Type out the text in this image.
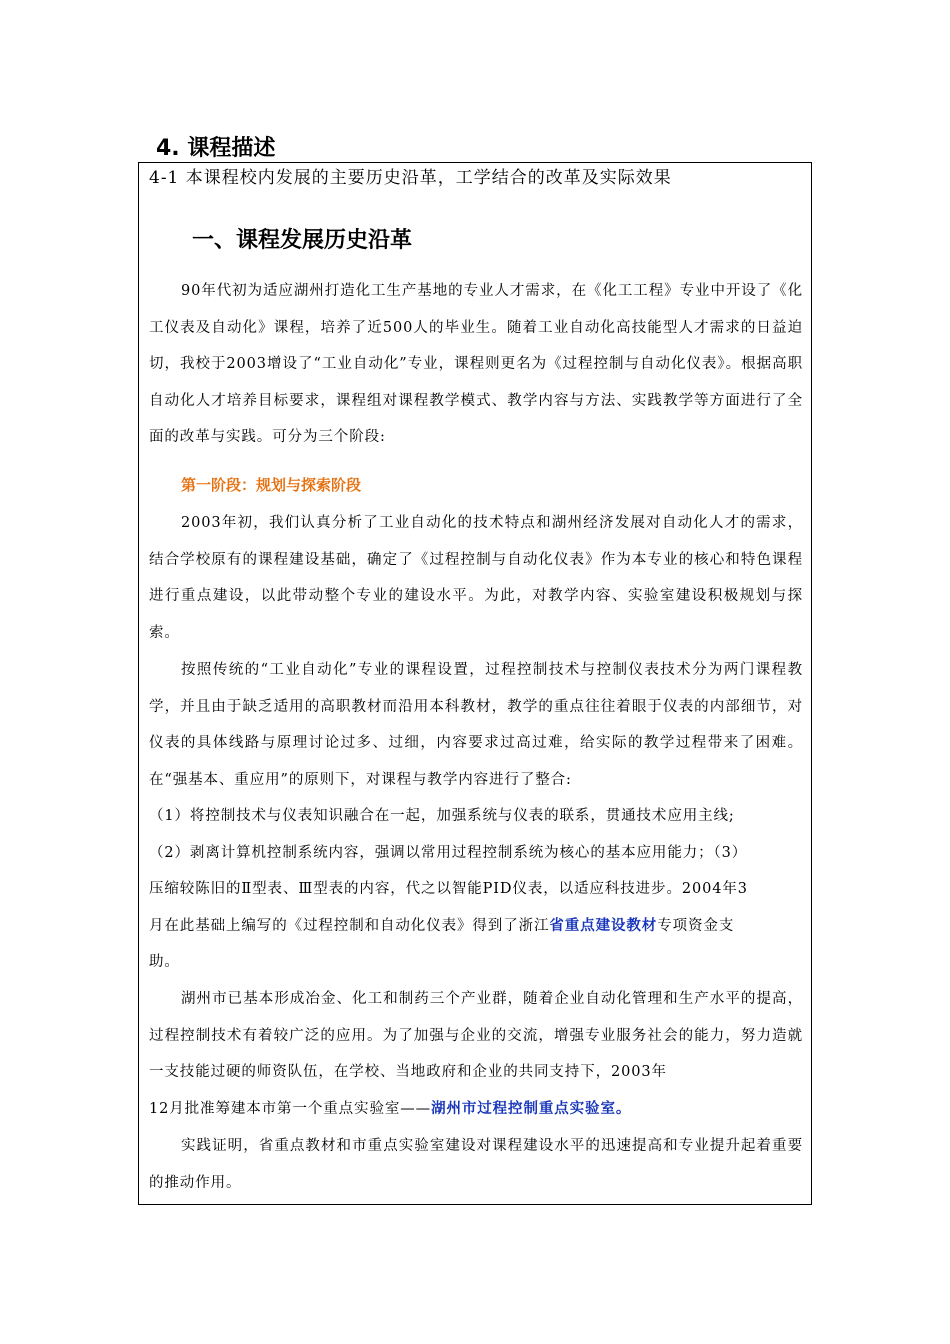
4. 课程描述
4-1 本课程校内发展的主要历史沿革，工学结合的改革及实际效果
一、课程发展历史沿革

90年代初为适应湖州打造化工生产基地的专业人才需求，在《化工工程》专业中开设了《化工仪表及自动化》课程，培养了近500人的毕业生。随着工业自动化高技能型人才需求的日益迫切，我校于2003增设了“工业自动化”专业，课程则更名为《过程控制与自动化仪表》。根据高职自动化人才培养目标要求，课程组对课程教学模式、教学内容与方法、实践教学等方面进行了全面的改革与实践。可分为三个阶段:

第一阶段：规划与探索阶段

2003年初，我们认真分析了工业自动化的技术特点和湖州经济发展对自动化人才的需求，结合学校原有的课程建设基础，确定了《过程控制与自动化仪表》作为本专业的核心和特色课程进行重点建设，以此带动整个专业的建设水平。为此，对教学内容、实验室建设积极规划与探索。

按照传统的“工业自动化”专业的课程设置，过程控制技术与控制仪表技术分为两门课程教学，并且由于缺乏适用的高职教材而沿用本科教材，教学的重点往往着眼于仪表的内部细节，对仪表的具体线路与原理讨论过多、过细，内容要求过高过难，给实际的教学过程带来了困难。在“强基本、重应用”的原则下，对课程与教学内容进行了整合:

（1）将控制技术与仪表知识融合在一起，加强系统与仪表的联系，贯通技术应用主线;
（2）剥离计算机控制系统内容，强调以常用过程控制系统为核心的基本应用能力；（3）
压缩较陈旧的Ⅱ型表、Ⅲ型表的内容，代之以智能PID仪表，以适应科技进步。2004年3
月在此基础上编写的《过程控制和自动化仪表》得到了浙江省重点建设教材专项资金支
助。

湖州市已基本形成冶金、化工和制药三个产业群，随着企业自动化管理和生产水平的提高，过程控制技术有着较广泛的应用。为了加强与企业的交流，增强专业服务社会的能力，努力造就一支技能过硬的师资队伍，在学校、当地政府和企业的共同支持下，2003年

12月批准筹建本市第一个重点实验室——湖州市过程控制重点实验室。

实践证明，省重点教材和市重点实验室建设对课程建设水平的迅速提高和专业提升起着重要的推动作用。
